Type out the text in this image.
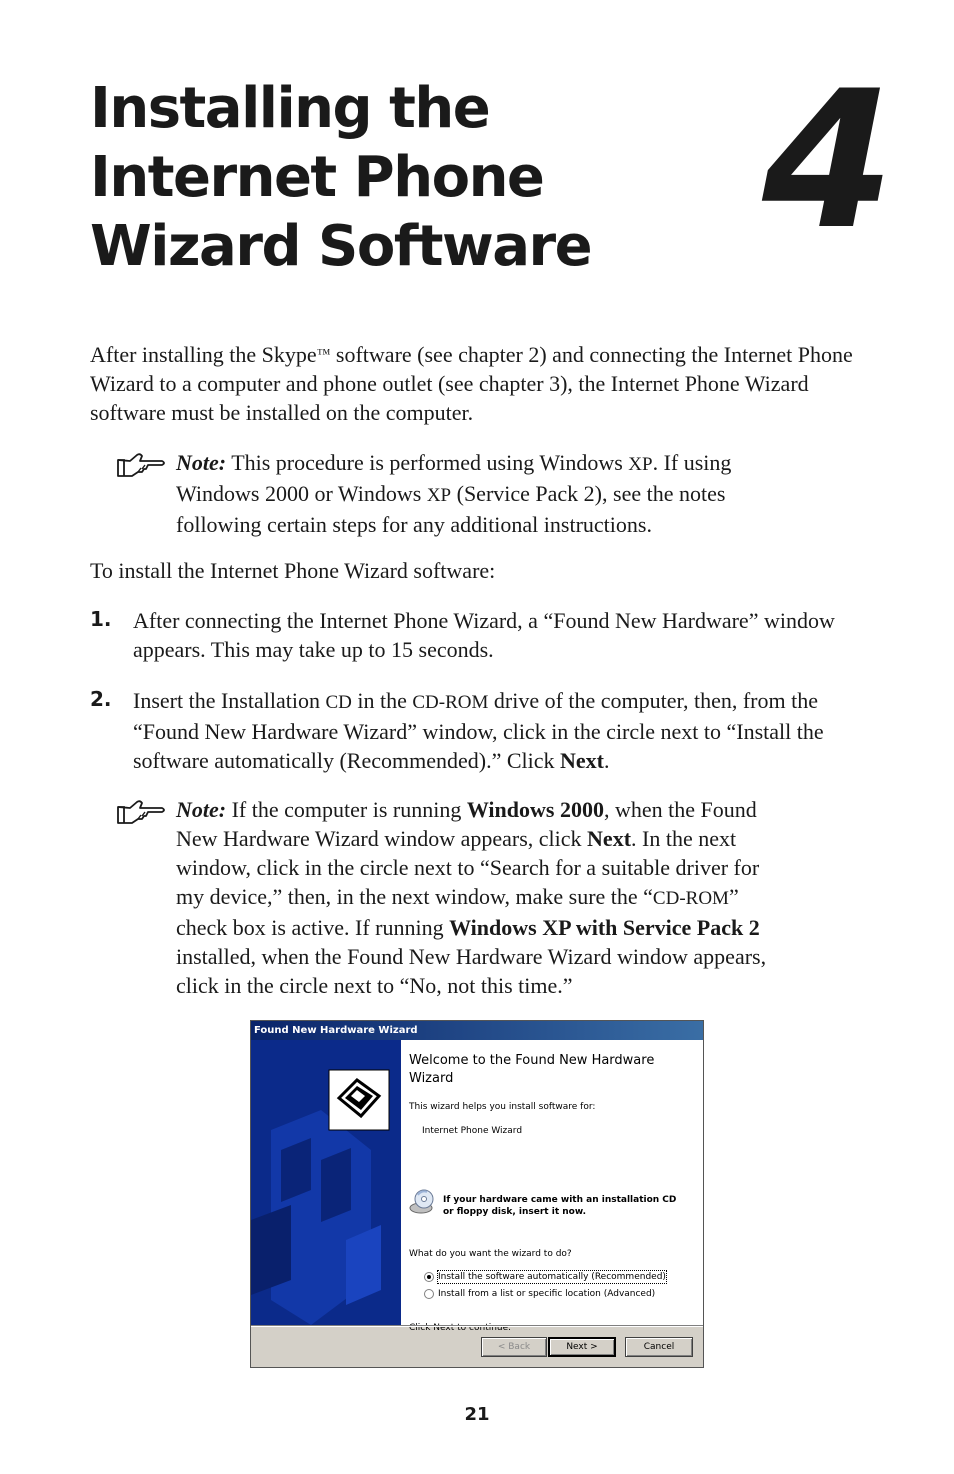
Installing the
Internet Phone
Wizard Software 4

After installing the Skype™ software (see chapter 2) and connecting the Internet Phone Wizard to a computer and phone outlet (see chapter 3), the Internet Phone Wizard software must be installed on the computer.

Note: This procedure is performed using Windows XP. If using Windows 2000 or Windows XP (Service Pack 2), see the notes following certain steps for any additional instructions.

To install the Internet Phone Wizard software:

1. After connecting the Internet Phone Wizard, a “Found New Hardware” window appears. This may take up to 15 seconds.

2. Insert the Installation CD in the CD-ROM drive of the computer, then, from the “Found New Hardware Wizard” window, click in the circle next to “Install the software automatically (Recommended).” Click Next.

Note: If the computer is running Windows 2000, when the Found New Hardware Wizard window appears, click Next. In the next window, click in the circle next to “Search for a suitable driver for my device,” then, in the next window, make sure the “CD-ROM” check box is active. If running Windows XP with Service Pack 2 installed, when the Found New Hardware Wizard window appears, click in the circle next to “No, not this time.”

Found New Hardware Wizard
Welcome to the Found New Hardware Wizard
This wizard helps you install software for:
Internet Phone Wizard
If your hardware came with an installation CD
or floppy disk, insert it now.
What do you want the wizard to do?
Install the software automatically (Recommended)
Install from a list or specific location (Advanced)
Click Next to continue.
< Back	Next >	Cancel
21
